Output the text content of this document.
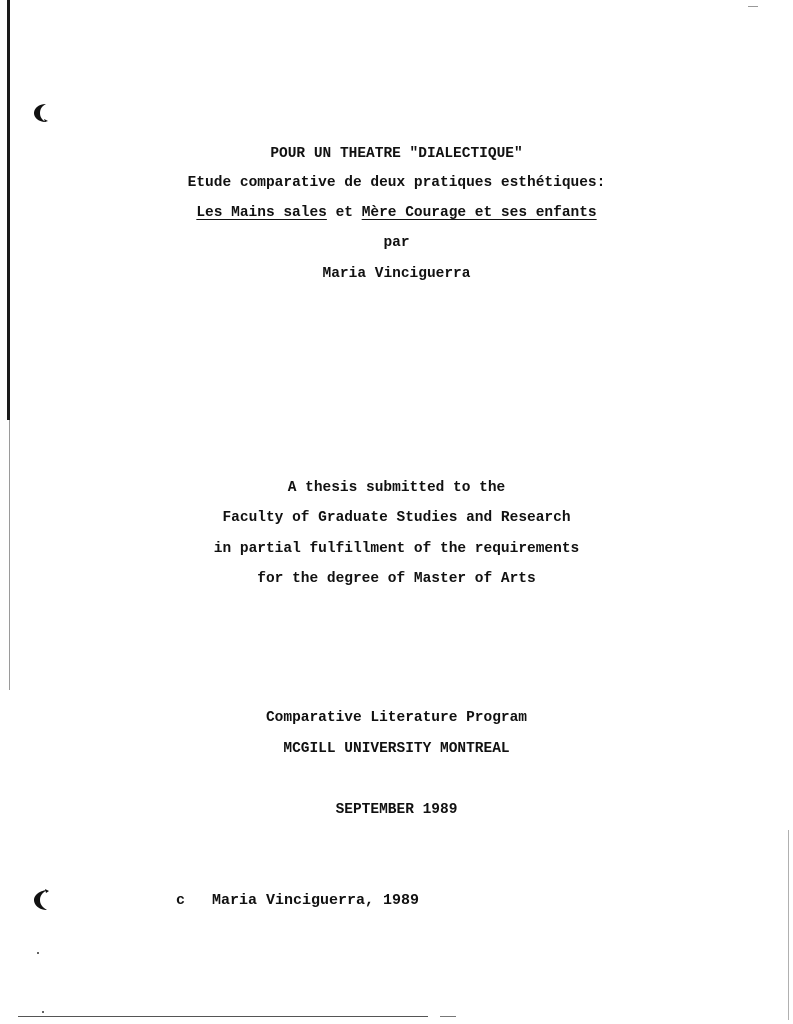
POUR UN THEATRE "DIALECTIQUE"
Etude comparative de deux pratiques esthétiques:
Les Mains sales et Mère Courage et ses enfants
par
Maria Vinciguerra
A thesis submitted to the
Faculty of Graduate Studies and Research
in partial fulfillment of the requirements
for the degree of Master of Arts
Comparative Literature Program
MCGILL UNIVERSITY MONTREAL
SEPTEMBER 1989
c Maria Vinciguerra, 1989
